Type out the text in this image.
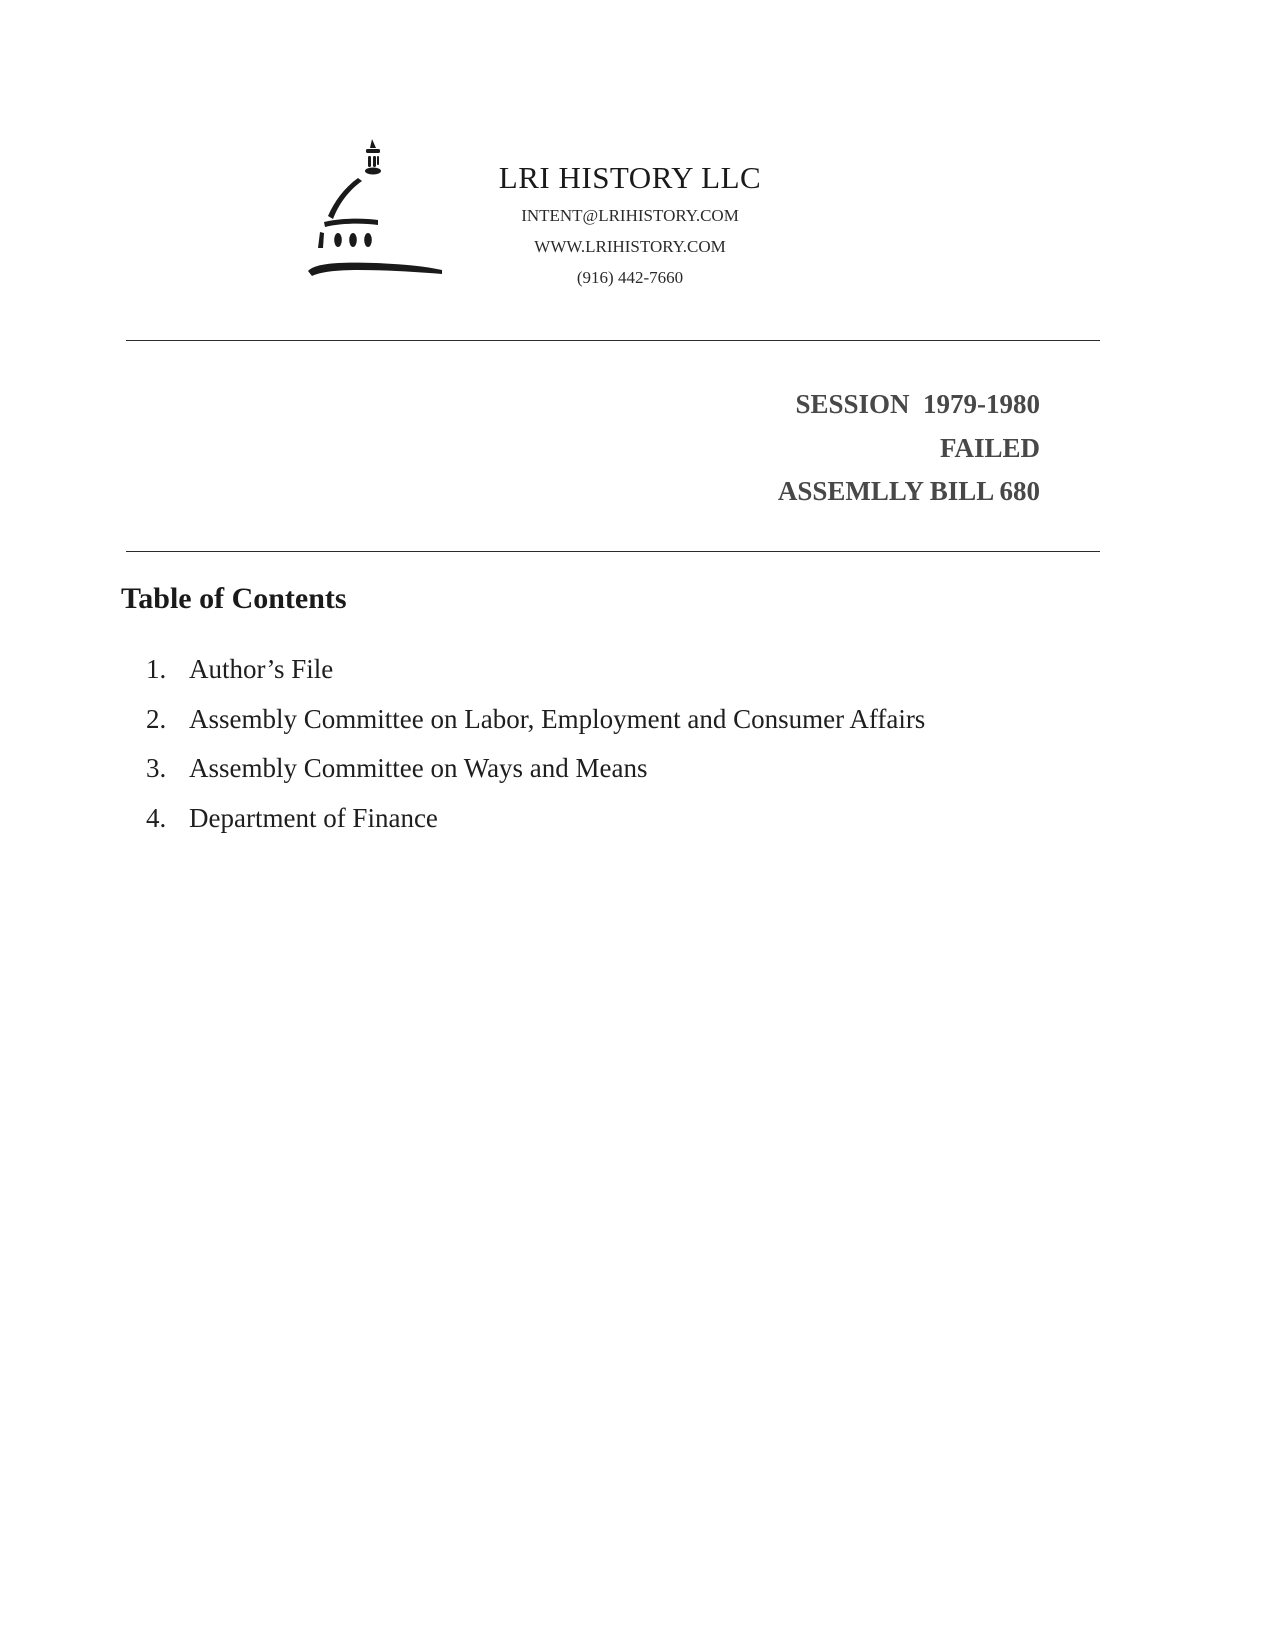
LRI HISTORY LLC
INTENT@LRIHISTORY.COM
WWW.LRIHISTORY.COM
(916) 442-7660
SESSION  1979-1980
FAILED
ASSEMLLY BILL 680
Table of Contents
1. Author’s File
2. Assembly Committee on Labor, Employment and Consumer Affairs
3. Assembly Committee on Ways and Means
4. Department of Finance
